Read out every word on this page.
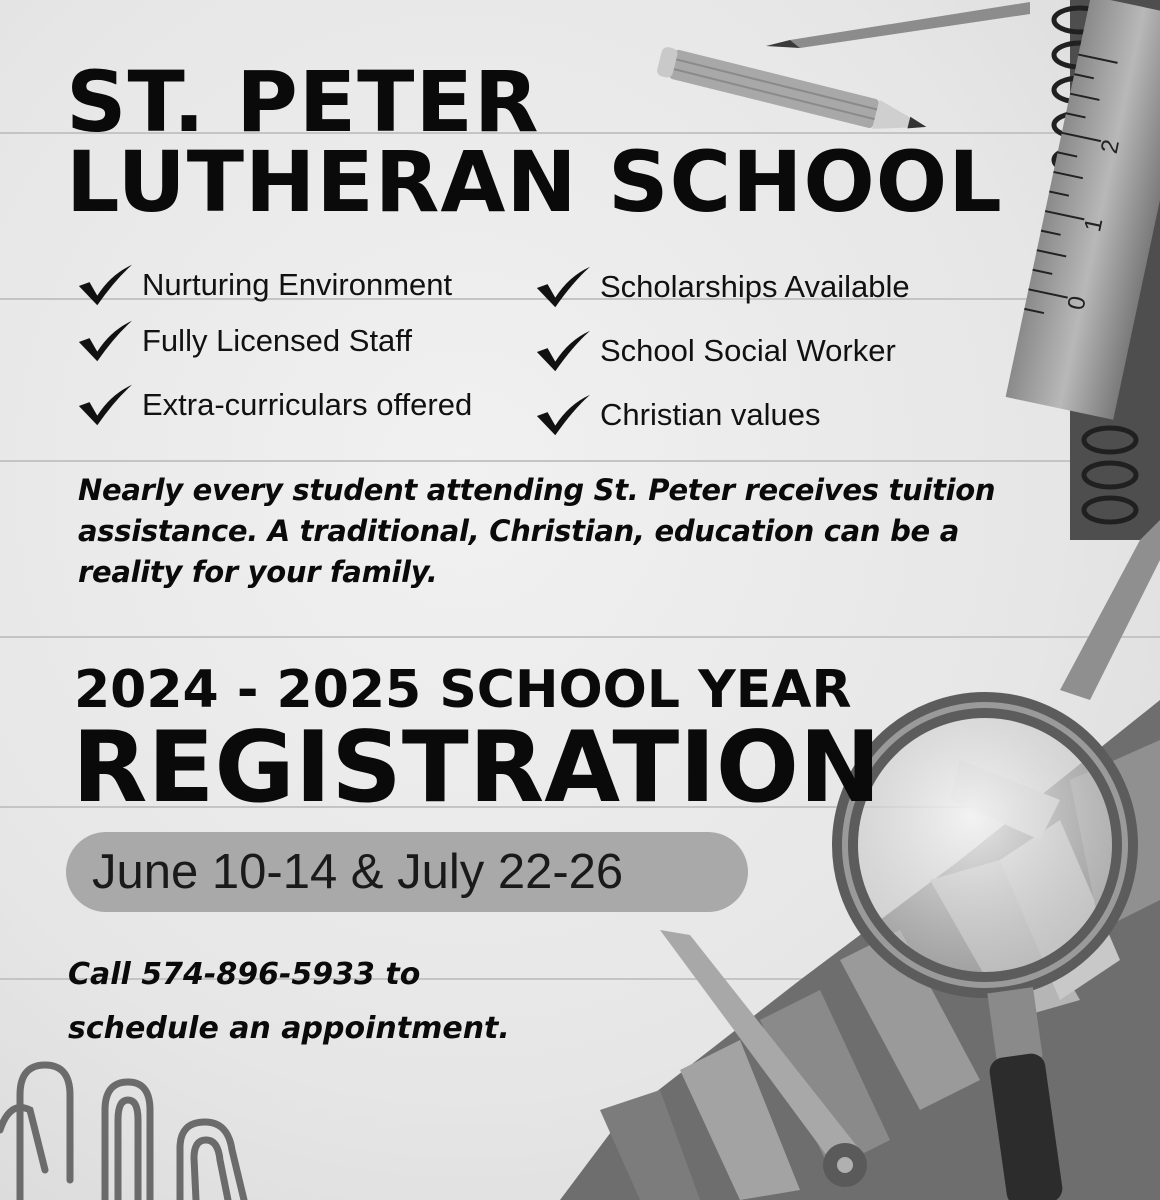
0
1
2
ST. PETER
LUTHERAN SCHOOL
Nurturing Environment
Fully Licensed Staff
Extra-curriculars offered
Scholarships Available
School Social Worker
Christian values

Nearly every student attending St. Peter receives tuition assistance. A traditional, Christian, education can be a reality for your family.

2024 - 2025 SCHOOL YEAR
REGISTRATION
June 10-14 & July 22-26

Call 574-896-5933 to
schedule an appointment.
